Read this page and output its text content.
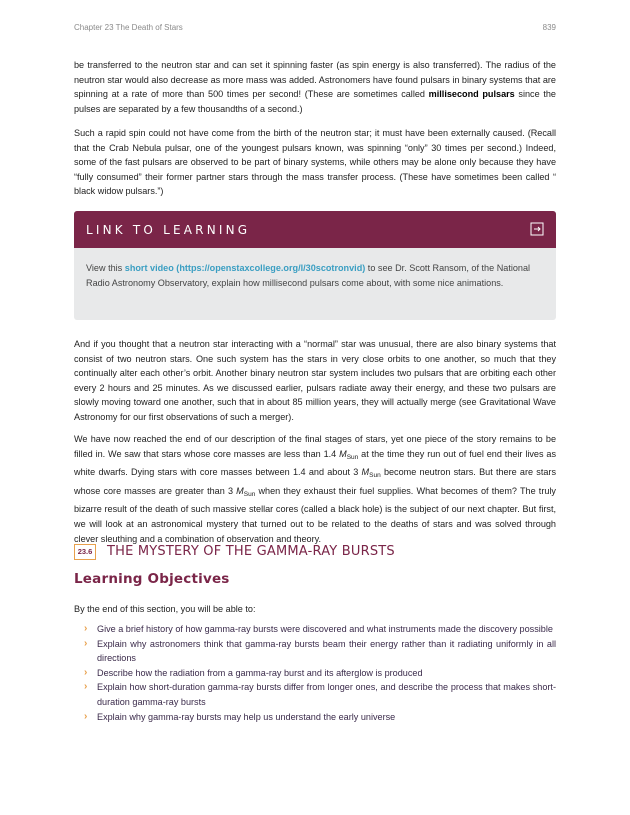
Chapter 23 The Death of Stars	839

be transferred to the neutron star and can set it spinning faster (as spin energy is also transferred). The radius of the neutron star would also decrease as more mass was added. Astronomers have found pulsars in binary systems that are spinning at a rate of more than 500 times per second! (These are sometimes called millisecond pulsars since the pulses are separated by a few thousandths of a second.)

Such a rapid spin could not have come from the birth of the neutron star; it must have been externally caused. (Recall that the Crab Nebula pulsar, one of the youngest pulsars known, was spinning “only” 30 times per second.) Indeed, some of the fast pulsars are observed to be part of binary systems, while others may be alone only because they have “fully consumed” their former partner stars through the mass transfer process. (These have sometimes been called “ black widow pulsars.”)

LINK TO LEARNING
View this short video (https://openstaxcollege.org/l/30scotronvid) to see Dr. Scott Ransom, of the National Radio Astronomy Observatory, explain how millisecond pulsars come about, with some nice animations.

And if you thought that a neutron star interacting with a “normal” star was unusual, there are also binary systems that consist of two neutron stars. One such system has the stars in very close orbits to one another, so much that they continually alter each other’s orbit. Another binary neutron star system includes two pulsars that are orbiting each other every 2 hours and 25 minutes. As we discussed earlier, pulsars radiate away their energy, and these two pulsars are slowly moving toward one another, such that in about 85 million years, they will actually merge (see Gravitational Wave Astronomy for our first observations of such a merger).

We have now reached the end of our description of the final stages of stars, yet one piece of the story remains to be filled in. We saw that stars whose core masses are less than 1.4 $M_{Sun}$ at the time they run out of fuel end their lives as white dwarfs. Dying stars with core masses between 1.4 and about 3 $M_{Sun}$ become neutron stars. But there are stars whose core masses are greater than 3 $M_{Sun}$ when they exhaust their fuel supplies. What becomes of them? The truly bizarre result of the death of such massive stellar cores (called a black hole) is the subject of our next chapter. But first, we will look at an astronomical mystery that turned out to be related to the deaths of stars and was solved through clever sleuthing and a combination of observation and theory.

23.6 THE MYSTERY OF THE GAMMA-RAY BURSTS
Learning Objectives

By the end of this section, you will be able to:

› Give a brief history of how gamma-ray bursts were discovered and what instruments made the discovery possible
› Explain why astronomers think that gamma-ray bursts beam their energy rather than it radiating uniformly in all directions
› Describe how the radiation from a gamma-ray burst and its afterglow is produced
› Explain how short-duration gamma-ray bursts differ from longer ones, and describe the process that makes short-duration gamma-ray bursts
› Explain why gamma-ray bursts may help us understand the early universe
